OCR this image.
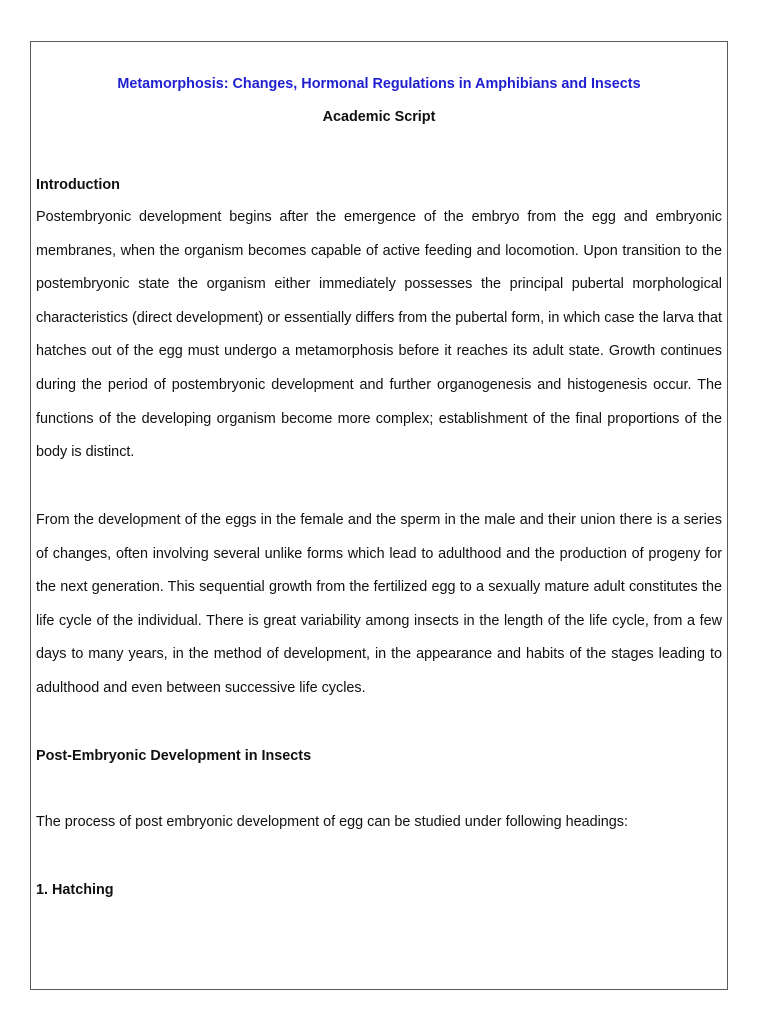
Metamorphosis: Changes, Hormonal Regulations in Amphibians and Insects
Academic Script
Introduction

Postembryonic development begins after the emergence of the embryo from the egg and embryonic membranes, when the organism becomes capable of active feeding and locomotion. Upon transition to the postembryonic state the organism either immediately possesses the principal pubertal morphological characteristics (direct development) or essentially differs from the pubertal form, in which case the larva that hatches out of the egg must undergo a metamorphosis before it reaches its adult state. Growth continues during the period of postembryonic development and further organogenesis and histogenesis occur. The functions of the developing organism become more complex; establishment of the final proportions of the body is distinct.

From the development of the eggs in the female and the sperm in the male and their union there is a series of changes, often involving several unlike forms which lead to adulthood and the production of progeny for the next generation. This sequential growth from the fertilized egg to a sexually mature adult constitutes the life cycle of the individual. There is great variability among insects in the length of the life cycle, from a few days to many years, in the method of development, in the appearance and habits of the stages leading to adulthood and even between successive life cycles.

Post-Embryonic Development in Insects

The process of post embryonic development of egg can be studied under following headings:

1. Hatching
